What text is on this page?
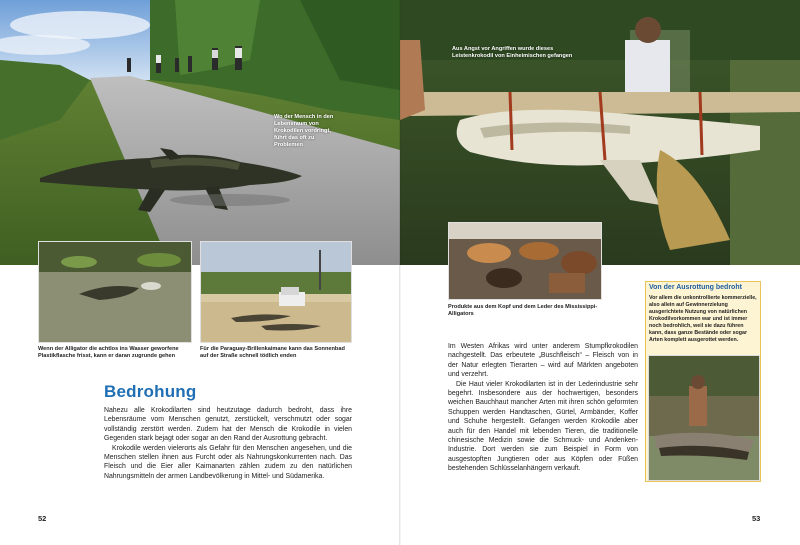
Wo der Mensch in den Lebensraum von Krokodilen vordringt, führt das oft zu Problemen
Wenn der Alligator die achtlos ins Wasser geworfene Plastikflasche frisst, kann er daran zugrunde gehen
Für die Paraguay-Brillenkaimane kann das Sonnenbad auf der Straße schnell tödlich enden
Bedrohung

Nahezu alle Krokodilarten sind heutzutage dadurch bedroht, dass ihre Lebensräume vom Menschen genutzt, zerstückelt, verschmutzt oder sogar vollständig zerstört werden. Zudem hat der Mensch die Krokodile in vielen Gegenden stark bejagt oder sogar an den Rand der Ausrottung gebracht.

Krokodile werden vielerorts als Gefahr für den Menschen angesehen, und die Menschen stellen ihnen aus Furcht oder als Nahrungskonkurrenten nach. Das Fleisch und die Eier aller Kaimanarten zählen zudem zu den natürlichen Nahrungsmitteln der armen Landbevölkerung in Mittel- und Südamerika.

52
Aus Angst vor Angriffen wurde dieses Leistenkrokodil von Einheimischen gefangen
Produkte aus dem Kopf und dem Leder des Mississippi-Alligators

Im Westen Afrikas wird unter anderem Stumpfkrokodilen nachgestellt. Das erbeutete „Buschfleisch“ – Fleisch von in der Natur erlegten Tierarten – wird auf Märkten angeboten und verzehrt.

Die Haut vieler Krokodilarten ist in der Lederindustrie sehr begehrt. Insbesondere aus der hochwertigen, besonders weichen Bauchhaut mancher Arten mit ihren schön geformten Schuppen werden Handtaschen, Gürtel, Armbänder, Koffer und Schuhe hergestellt. Gefangen werden Krokodile aber auch für den Handel mit lebenden Tieren, die traditionelle chinesische Medizin sowie die Schmuck- und Andenken-Industrie. Dort werden sie zum Beispiel in Form von ausgestopften Jungtieren oder aus Köpfen oder Füßen bestehenden Schlüsselanhängern verkauft.

53
Von der Ausrottung bedroht
Vor allem die unkontrollierte kommerzielle, also allein auf Gewinnerzielung ausgerichtete Nutzung von natürlichen Krokodilvorkommen war und ist immer noch bedrohlich, weil sie dazu führen kann, dass ganze Bestände oder sogar Arten komplett ausgerottet werden.
